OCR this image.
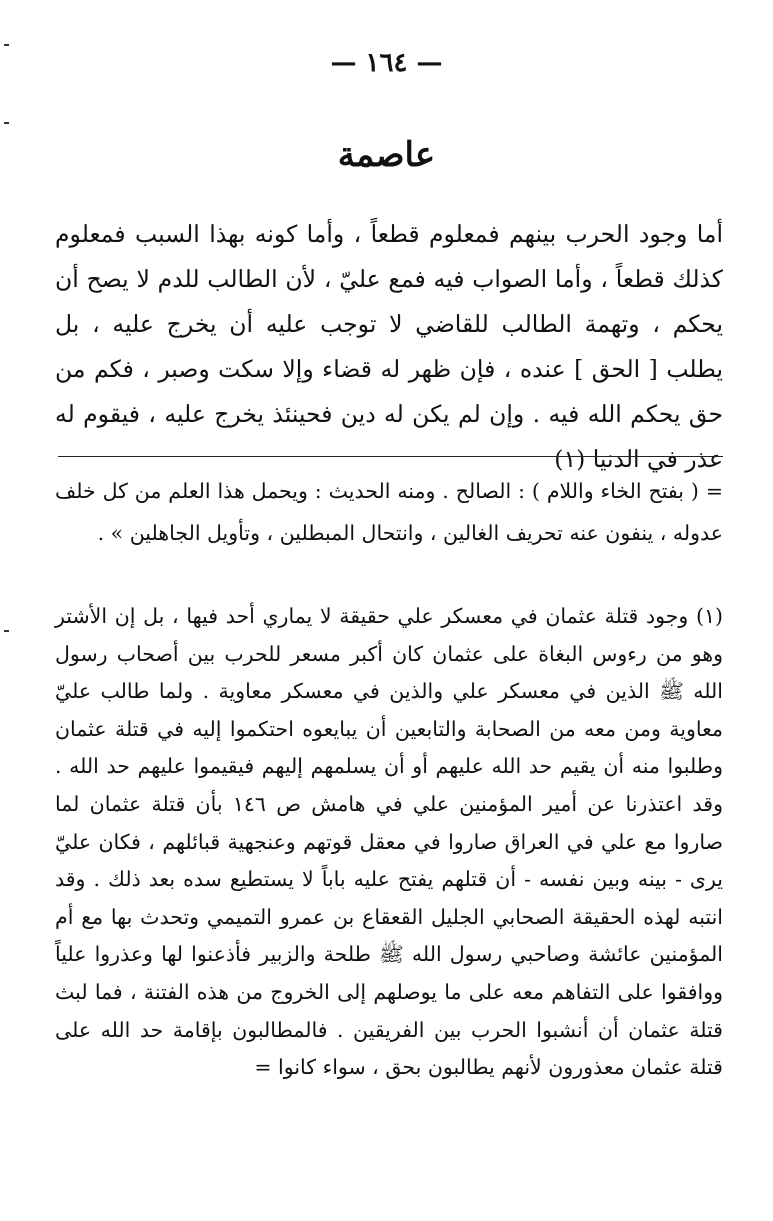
— ١٦٤ —
عاصمة

أما وجود الحرب بينهم فمعلوم قطعاً ، وأما كونه بهذا السبب فمعلوم كذلك قطعاً ، وأما الصواب فيه فمع عليّ ، لأن الطالب للدم لا يصح أن يحكم ، وتهمة الطالب للقاضي لا توجب عليه أن يخرج عليه ، بل يطلب [ الحق ] عنده ، فإن ظهر له قضاء وإلا سكت وصبر ، فكم من حق يحكم الله فيه . وإن لم يكن له دين فحينئذ يخرج عليه ، فيقوم له عذر في الدنيا (١)

= ( بفتح الخاء واللام ) : الصالح . ومنه الحديث : ويحمل هذا العلم من كل خلف عدوله ، ينفون عنه تحريف الغالين ، وانتحال المبطلين ، وتأويل الجاهلين » .

(١) وجود قتلة عثمان في معسكر علي حقيقة لا يماري أحد فيها ، بل إن الأشتر وهو من رءوس البغاة على عثمان كان أكبر مسعر للحرب بين أصحاب رسول الله ﷺ الذين في معسكر علي والذين في معسكر معاوية . ولما طالب عليّ معاوية ومن معه من الصحابة والتابعين أن يبايعوه احتكموا إليه في قتلة عثمان وطلبوا منه أن يقيم حد الله عليهم أو أن يسلمهم إليهم فيقيموا عليهم حد الله . وقد اعتذرنا عن أمير المؤمنين علي في هامش ص ١٤٦ بأن قتلة عثمان لما صاروا مع علي في العراق صاروا في معقل قوتهم وعنجهية قبائلهم ، فكان عليّ يرى - بينه وبين نفسه - أن قتلهم يفتح عليه باباً لا يستطيع سده بعد ذلك . وقد انتبه لهذه الحقيقة الصحابي الجليل القعقاع بن عمرو التميمي وتحدث بها مع أم المؤمنين عائشة وصاحبي رسول الله ﷺ طلحة والزبير فأذعنوا لها وعذروا علياً ووافقوا على التفاهم معه على ما يوصلهم إلى الخروج من هذه الفتنة ، فما لبث قتلة عثمان أن أنشبوا الحرب بين الفريقين . فالمطالبون بإقامة حد الله على قتلة عثمان معذورون لأنهم يطالبون بحق ، سواء كانوا =
